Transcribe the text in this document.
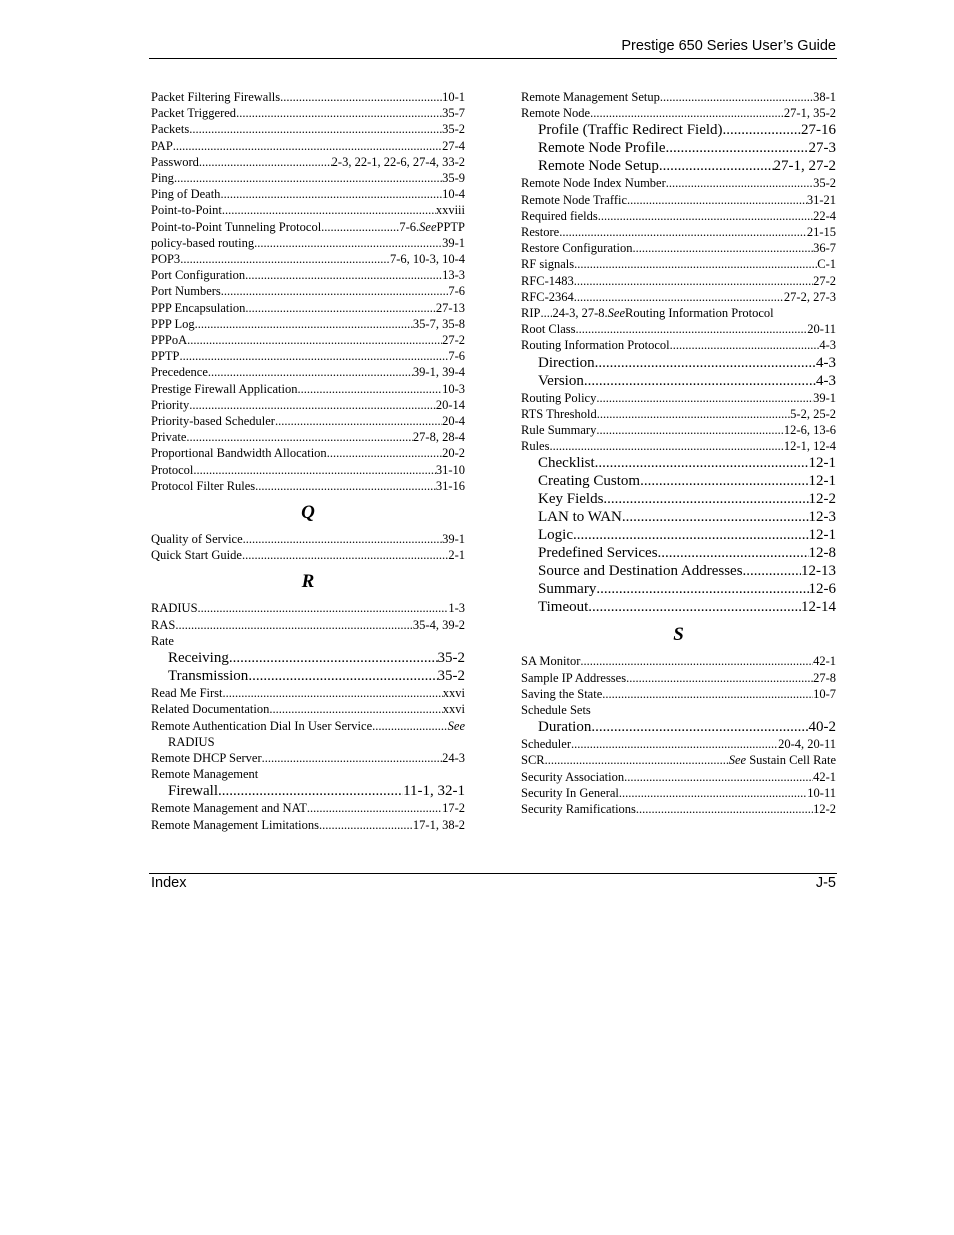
Prestige 650 Series User’s Guide
Packet Filtering Firewalls .....	10-1
Packet Triggered .....	35-7
Packets .....	35-2
PAP .....	27-4
Password .....	2-3, 22-1, 22-6, 27-4, 33-2
Ping .....	35-9
Ping of Death .....	10-4
Point-to-Point .....	xxviii
Point-to-Point Tunneling Protocol .....	7-6. See PPTP
policy-based routing .....	39-1
POP3 .....	7-6, 10-3, 10-4
Port Configuration .....	13-3
Port Numbers .....	7-6
PPP Encapsulation .....	27-13
PPP Log .....	35-7, 35-8
PPPoA .....	27-2
PPTP .....	7-6
Precedence .....	39-1, 39-4
Prestige Firewall Application .....	10-3
Priority .....	20-14
Priority-based Scheduler .....	20-4
Private .....	27-8, 28-4
Proportional Bandwidth Allocation .....	20-2
Protocol .....	31-10
Protocol Filter Rules .....	31-16
Q
Quality of Service .....	39-1
Quick Start Guide .....	2-1
R
RADIUS .....	1-3
RAS .....	35-4, 39-2
Rate
Receiving .....	35-2
Transmission .....	35-2
Read Me First .....	xxvi
Related Documentation .....	xxvi
Remote Authentication Dial In User Service .....	See
RADIUS
Remote DHCP Server .....	24-3
Remote Management
Firewall .....	11-1, 32-1
Remote Management and NAT .....	17-2
Remote Management Limitations .....	17-1, 38-2
Remote Management Setup .....	38-1
Remote Node .....	27-1, 35-2
Profile (Traffic Redirect Field) .....	27-16
Remote Node Profile .....	27-3
Remote Node Setup .....	27-1, 27-2
Remote Node Index Number .....	35-2
Remote Node Traffic .....	31-21
Required fields .....	22-4
Restore .....	21-15
Restore Configuration .....	36-7
RF signals .....	C-1
RFC-1483 .....	27-2
RFC-2364 .....	27-2, 27-3
RIP ..... 24-3, 27-8. See Routing Information Protocol
Root Class .....	20-11
Routing Information Protocol .....	4-3
Direction .....	4-3
Version .....	4-3
Routing Policy .....	39-1
RTS Threshold .....	5-2, 25-2
Rule Summary .....	12-6, 13-6
Rules .....	12-1, 12-4
Checklist .....	12-1
Creating Custom .....	12-1
Key Fields .....	12-2
LAN to WAN .....	12-3
Logic .....	12-1
Predefined Services .....	12-8
Source and Destination Addresses .....	12-13
Summary .....	12-6
Timeout .....	12-14
S
SA Monitor .....	42-1
Sample IP Addresses .....	27-8
Saving the State .....	10-7
Schedule Sets
Duration .....	40-2
Scheduler .....	20-4, 20-11
SCR .....	See Sustain Cell Rate
Security Association .....	42-1
Security In General .....	10-11
Security Ramifications .....	12-2
Index	J-5
